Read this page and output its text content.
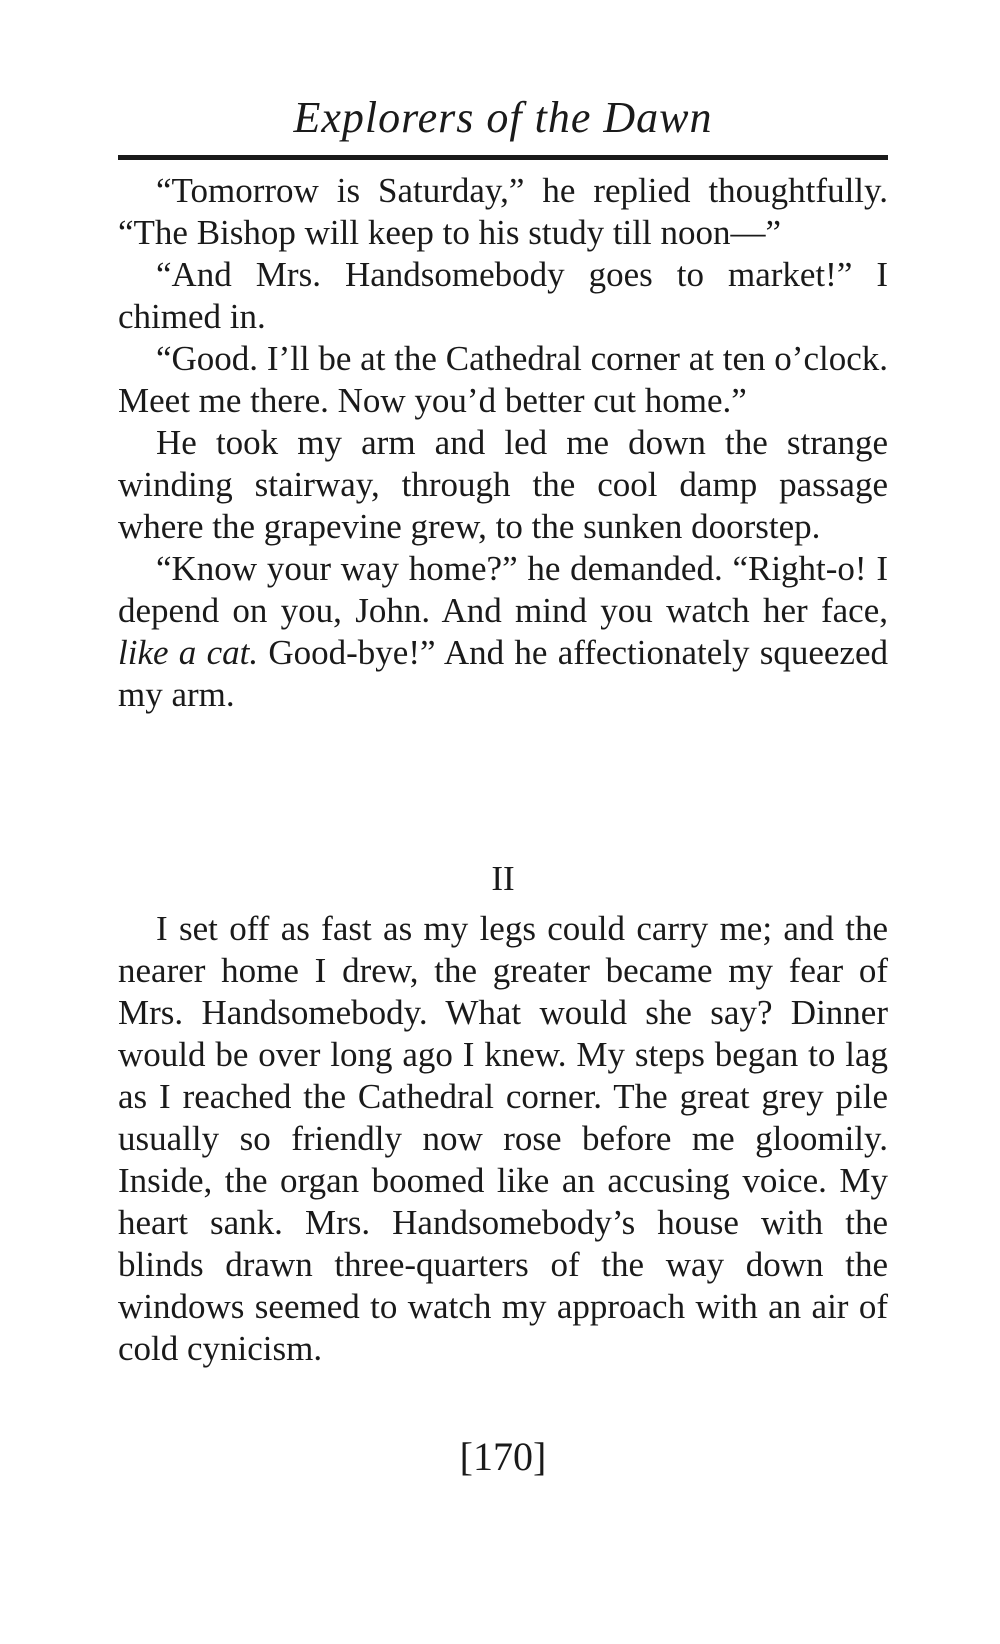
Explorers of the Dawn

“Tomorrow is Saturday,” he replied thoughtfully. “The Bishop will keep to his study till noon—”

“And Mrs. Handsomebody goes to market!” I chimed in.

“Good. I’ll be at the Cathedral corner at ten o’clock. Meet me there. Now you’d better cut home.”

He took my arm and led me down the strange winding stairway, through the cool damp passage where the grapevine grew, to the sunken doorstep.

“Know your way home?” he demanded. “Right-o! I depend on you, John. And mind you watch her face, like a cat. Good-bye!” And he affectionately squeezed my arm.

II

I set off as fast as my legs could carry me; and the nearer home I drew, the greater became my fear of Mrs. Handsomebody. What would she say? Dinner would be over long ago I knew. My steps began to lag as I reached the Cathedral corner. The great grey pile usually so friendly now rose before me gloomily. Inside, the organ boomed like an accusing voice. My heart sank. Mrs. Handsomebody’s house with the blinds drawn three-quarters of the way down the windows seemed to watch my approach with an air of cold cynicism.

[170]
